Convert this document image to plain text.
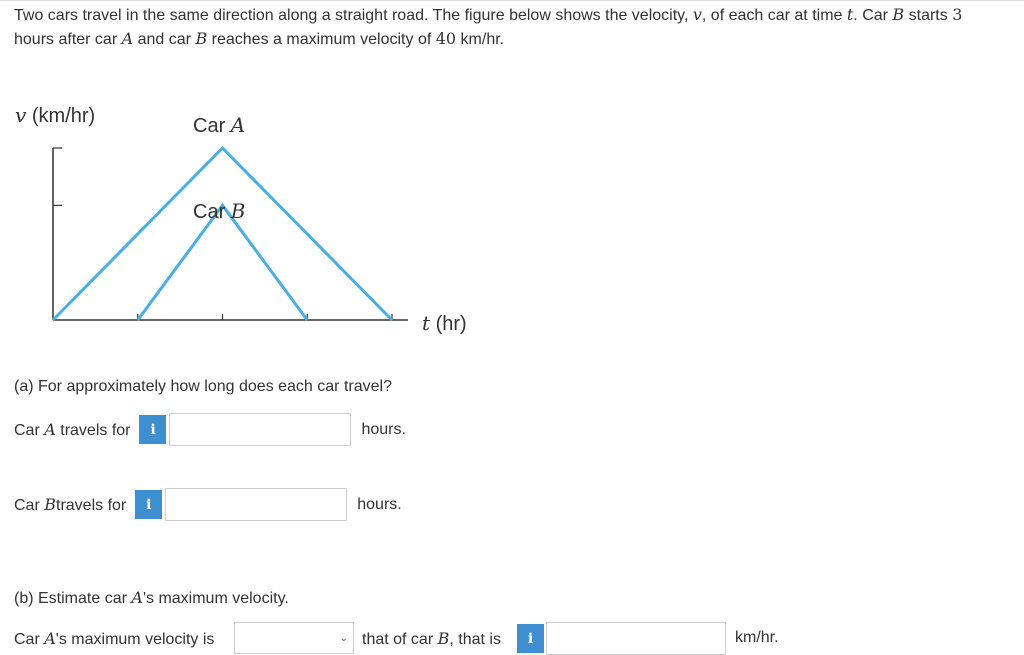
Two cars travel in the same direction along a straight road. The figure below shows the velocity, v, of each car at time t. Car B starts 3
hours after car A and car B reaches a maximum velocity of 40 km/hr.
v (km/hr)	Car A
Car B
t (hr)
(a) For approximately how long does each car travel?
Car A travels for	i	hours.
Car Btravels for	i	hours.
(b) Estimate car A's maximum velocity.
Car A's maximum velocity is	⌄ that of car B, that is	i	km/hr.
